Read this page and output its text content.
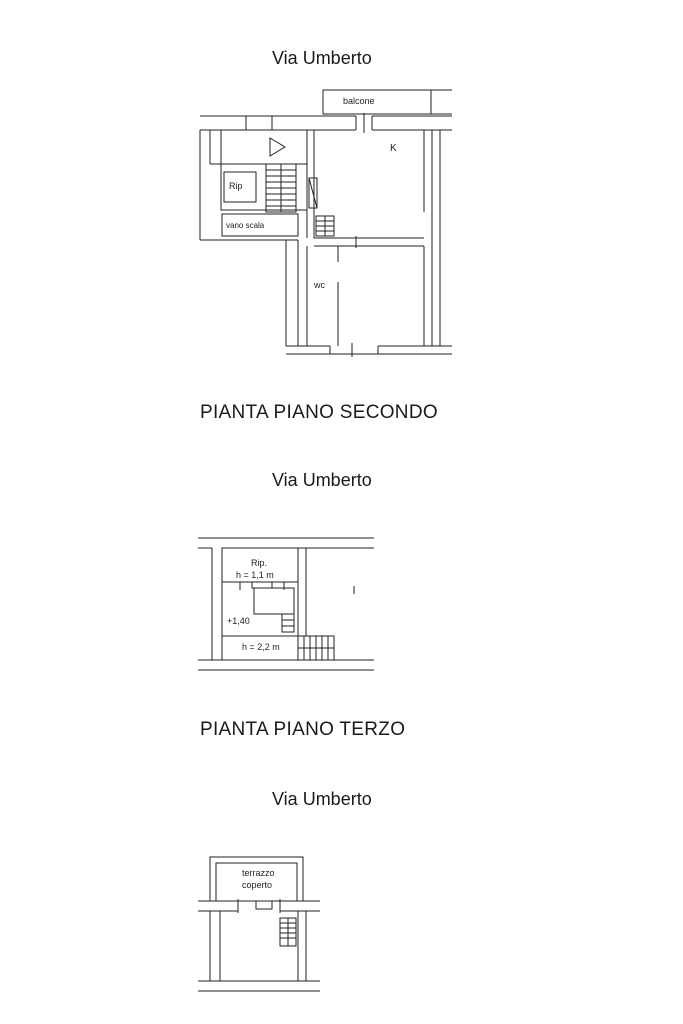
Via Umberto
balcone
K
Rip
vano scala
wc
PIANTA PIANO SECONDO
Via Umberto
Rip.
h = 1,1 m
+1,40
h = 2,2 m
PIANTA PIANO TERZO
Via Umberto
terrazzo
coperto
